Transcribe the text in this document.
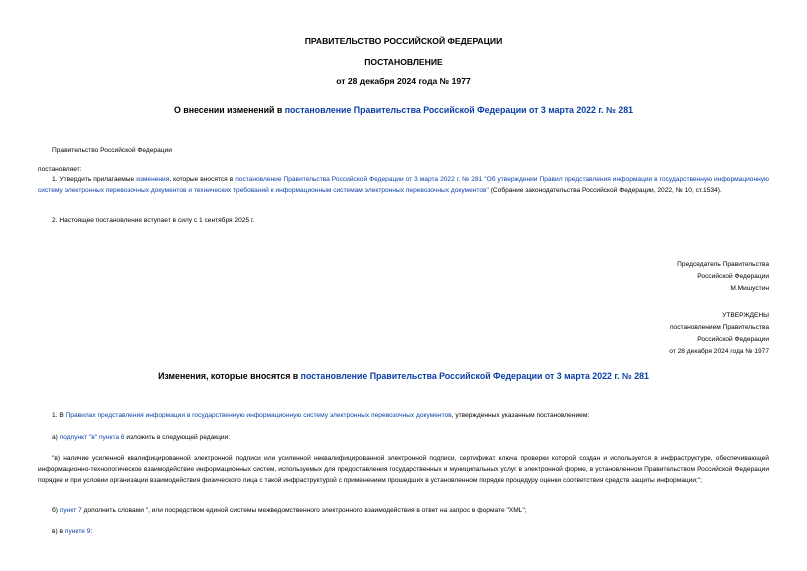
ПРАВИТЕЛЬСТВО РОССИЙСКОЙ ФЕДЕРАЦИИ
ПОСТАНОВЛЕНИЕ
от 28 декабря 2024 года № 1977
О внесении изменений в постановление Правительства Российской Федерации от 3 марта 2022 г. № 281
Правительство Российской Федерации
постановляет:
1. Утвердить прилагаемые изменения, которые вносятся в постановление Правительства Российской Федерации от 3 марта 2022 г. № 281 "Об утверждении Правил представления информации в государственную информационную систему электронных перевозочных документов и технических требований к информационным системам электронных перевозочных документов" (Собрание законодательства Российской Федерации, 2022, № 10, ст.1534).
2. Настоящее постановление вступает в силу с 1 сентября 2025 г.
Председатель Правительства
Российской Федерации
М.Мишустин
УТВЕРЖДЕНЫ
постановлением Правительства
Российской Федерации
от 28 декабря 2024 года № 1977
Изменения, которые вносятся в постановление Правительства Российской Федерации от 3 марта 2022 г. № 281
1. В Правилах представления информации в государственную информационную систему электронных перевозочных документов, утвержденных указанным постановлением:
а) подпункт "в" пункта 6 изложить в следующей редакции:
"в) наличие усиленной квалифицированной электронной подписи или усиленной неквалифицированной электронной подписи, сертификат ключа проверки которой создан и используется в инфраструктуре, обеспечивающей информационно-технологическое взаимодействие информационных систем, используемых для предоставления государственных и муниципальных услуг в электронной форме, в установленном Правительством Российской Федерации порядке и при условии организации взаимодействия физического лица с такой инфраструктурой с применением прошедших в установленном порядке процедуру оценки соответствия средств защиты информации;";
б) пункт 7 дополнить словами ", или посредством единой системы межведомственного электронного взаимодействия в ответ на запрос в формате "XML";
в) в пункте 9:
